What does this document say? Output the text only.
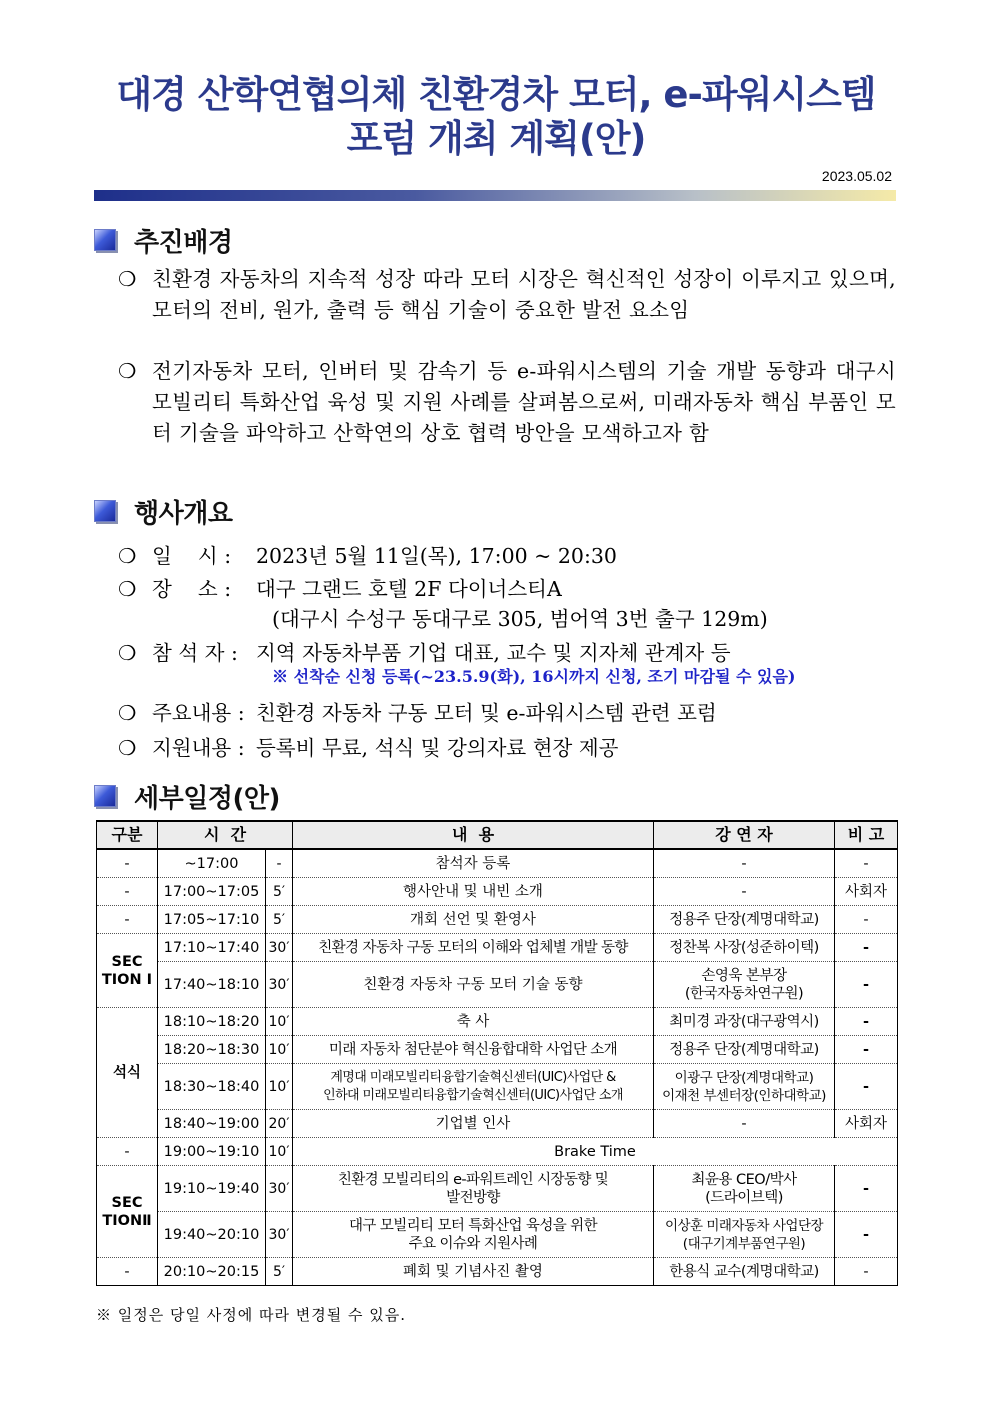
대경 산학연협의체 친환경차 모터, e-파워시스템
포럼 개최 계획(안)
2023.05.02
추진배경
❍ 친환경 자동차의 지속적 성장 따라 모터 시장은 혁신적인 성장이 이루지고 있으며, 모터의 전비, 원가, 출력 등 핵심 기술이 중요한 발전 요소임
❍ 전기자동차 모터, 인버터 및 감속기 등 e-파워시스템의 기술 개발 동향과 대구시 모빌리티 특화산업 육성 및 지원 사례를 살펴봄으로써, 미래자동차 핵심 부품인 모터 기술을 파악하고 산학연의 상호 협력 방안을 모색하고자 함
행사개요
❍ 일    시 : 2023년 5월 11일(목), 17:00 ~ 20:30
❍ 장    소 : 대구 그랜드 호텔 2F 다이너스티A
(대구시 수성구 동대구로 305, 범어역 3번 출구 129m)
❍ 참 석 자 : 지역 자동차부품 기업 대표, 교수 및 지자체 관계자 등
※ 선착순 신청 등록(~23.5.9(화), 16시까지 신청, 조기 마감될 수 있음)
❍ 주요내용 : 친환경 자동차 구동 모터 및 e-파워시스템 관련 포럼
❍ 지원내용 : 등록비 무료, 석식 및 강의자료 현장 제공
세부일정(안)
구분	시  간		내  용	강 연 자	비 고
-	~17:00	-	참석자 등록	-	-
-	17:00~17:05	5′	행사안내 및 내빈 소개	-	사회자
-	17:05~17:10	5′	개회 선언 및 환영사	정용주 단장(계명대학교)	-
SEC
TION Ⅰ	17:10~17:40	30′	친환경 자동차 구동 모터의 이해와 업체별 개발 동향	정찬복 사장(성준하이텍)	-
	17:40~18:10	30′	친환경 자동차 구동 모터 기술 동향	손영욱 본부장
(한국자동차연구원)	-
석식	18:10~18:20	10′	축 사	최미경 과장(대구광역시)	-
	18:20~18:30	10′	미래 자동차 첨단분야 혁신융합대학 사업단 소개	정용주 단장(계명대학교)	-
	18:30~18:40	10′	계명대 미래모빌리티융합기술혁신센터(UIC)사업단 &
인하대 미래모빌리티융합기술혁신센터(UIC)사업단 소개	이광구 단장(계명대학교)
이재천 부센터장(인하대학교)	-
	18:40~19:00	20′	기업별 인사	-	사회자
-	19:00~19:10	10′	Brake Time		
SEC
TIONⅡ	19:10~19:40	30′	친환경 모빌리티의 e-파워트레인 시장동향 및
발전방향	최윤용 CEO/박사
(드라이브텍)	-
	19:40~20:10	30′	대구 모빌리티 모터 특화산업 육성을 위한
주요 이슈와 지원사례	이상훈 미래자동차 사업단장
(대구기계부품연구원)	-
-	20:10~20:15	5′	폐회 및 기념사진 촬영	한용식 교수(계명대학교)	-
※ 일정은 당일 사정에 따라 변경될 수 있음.
